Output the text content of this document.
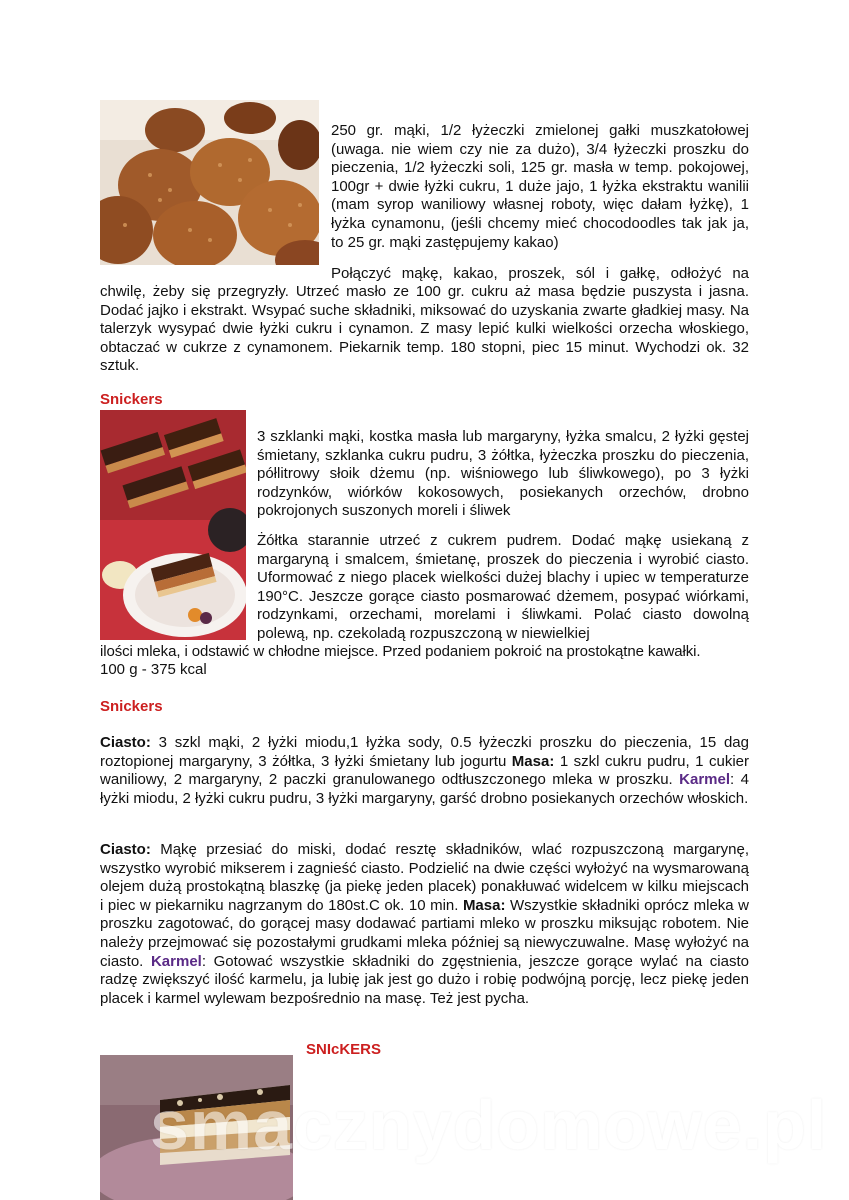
250 gr. mąki, 1/2 łyżeczki zmielonej gałki muszkatołowej (uwaga. nie wiem czy nie za dużo), 3/4 łyżeczki proszku do pieczenia, 1/2 łyżeczki soli, 125 gr. masła w temp. pokojowej, 100gr + dwie łyżki cukru, 1 duże jajo, 1 łyżka ekstraktu wanilii (mam syrop waniliowy własnej roboty, więc dałam łyżkę), 1 łyżka cynamonu, (jeśli chcemy mieć chocodoodles tak jak ja, to 25 gr. mąki zastępujemy kakao)

Połączyć mąkę, kakao, proszek, sól i gałkę, odłożyć na

chwilę, żeby się przegryzły. Utrzeć masło ze 100 gr. cukru aż masa będzie puszysta i jasna. Dodać jajko i ekstrakt. Wsypać suche składniki, miksować do uzyskania zwarte gładkiej masy. Na talerzyk wysypać dwie łyżki cukru i cynamon. Z masy lepić kulki wielkości orzecha włoskiego, obtaczać w cukrze z cynamonem. Piekarnik temp. 180 stopni, piec 15 minut. Wychodzi ok. 32 sztuk.

Snickers

3 szklanki mąki, kostka masła lub margaryny, łyżka smalcu, 2 łyżki gęstej śmietany, szklanka cukru pudru, 3 żółtka, łyżeczka proszku do pieczenia, półlitrowy słoik dżemu (np. wiśniowego lub śliwkowego), po 3 łyżki rodzynków, wiórków kokosowych, posiekanych orzechów, drobno pokrojonych suszonych moreli i śliwek

Żółtka starannie utrzeć z cukrem pudrem. Dodać mąkę usiekaną z margaryną i smalcem, śmietanę, proszek do pieczenia i wyrobić ciasto. Uformować z niego placek wielkości dużej blachy i upiec w temperaturze 190°C. Jeszcze gorące ciasto posmarować dżemem, posypać wiórkami, rodzynkami, orzechami, morelami i śliwkami. Polać ciasto dowolną polewą, np. czekoladą rozpuszczoną w niewielkiej

ilości mleka, i odstawić w chłodne miejsce. Przed podaniem pokroić na prostokątne kawałki.

100 g - 375 kcal

Snickers

Ciasto: 3 szkl mąki, 2 łyżki miodu,1 łyżka sody, 0.5 łyżeczki proszku do pieczenia, 15 dag roztopionej margaryny, 3 żółtka, 3 łyżki śmietany lub jogurtu Masa: 1 szkl cukru pudru, 1 cukier waniliowy, 2 margaryny, 2 paczki granulowanego odtłuszczonego mleka w proszku. Karmel: 4 łyżki miodu, 2 łyżki cukru pudru, 3 łyżki margaryny, garść drobno posiekanych orzechów włoskich.

Ciasto: Mąkę przesiać do miski, dodać resztę składników, wlać rozpuszczoną margarynę, wszystko wyrobić mikserem i zagnieść ciasto. Podzielić na dwie części wyłożyć na wysmarowaną olejem dużą prostokątną blaszkę (ja piekę jeden placek) ponakłuwać widelcem w kilku miejscach i piec w piekarniku nagrzanym do 180st.C ok. 10 min. Masa: Wszystkie składniki oprócz mleka w proszku zagotować, do gorącej masy dodawać partiami mleko w proszku miksując robotem. Nie należy przejmować się pozostałymi grudkami mleka później są niewyczuwalne. Masę wyłożyć na ciasto. Karmel: Gotować wszystkie składniki do zgęstnienia, jeszcze gorące wylać na ciasto radzę zwiększyć ilość karmelu, ja lubię jak jest go dużo i robię podwójną porcję, lecz piekę jeden placek i karmel wylewam bezpośrednio na masę. Też jest pycha.

SNIcKERS
smacznydomowe.pl
